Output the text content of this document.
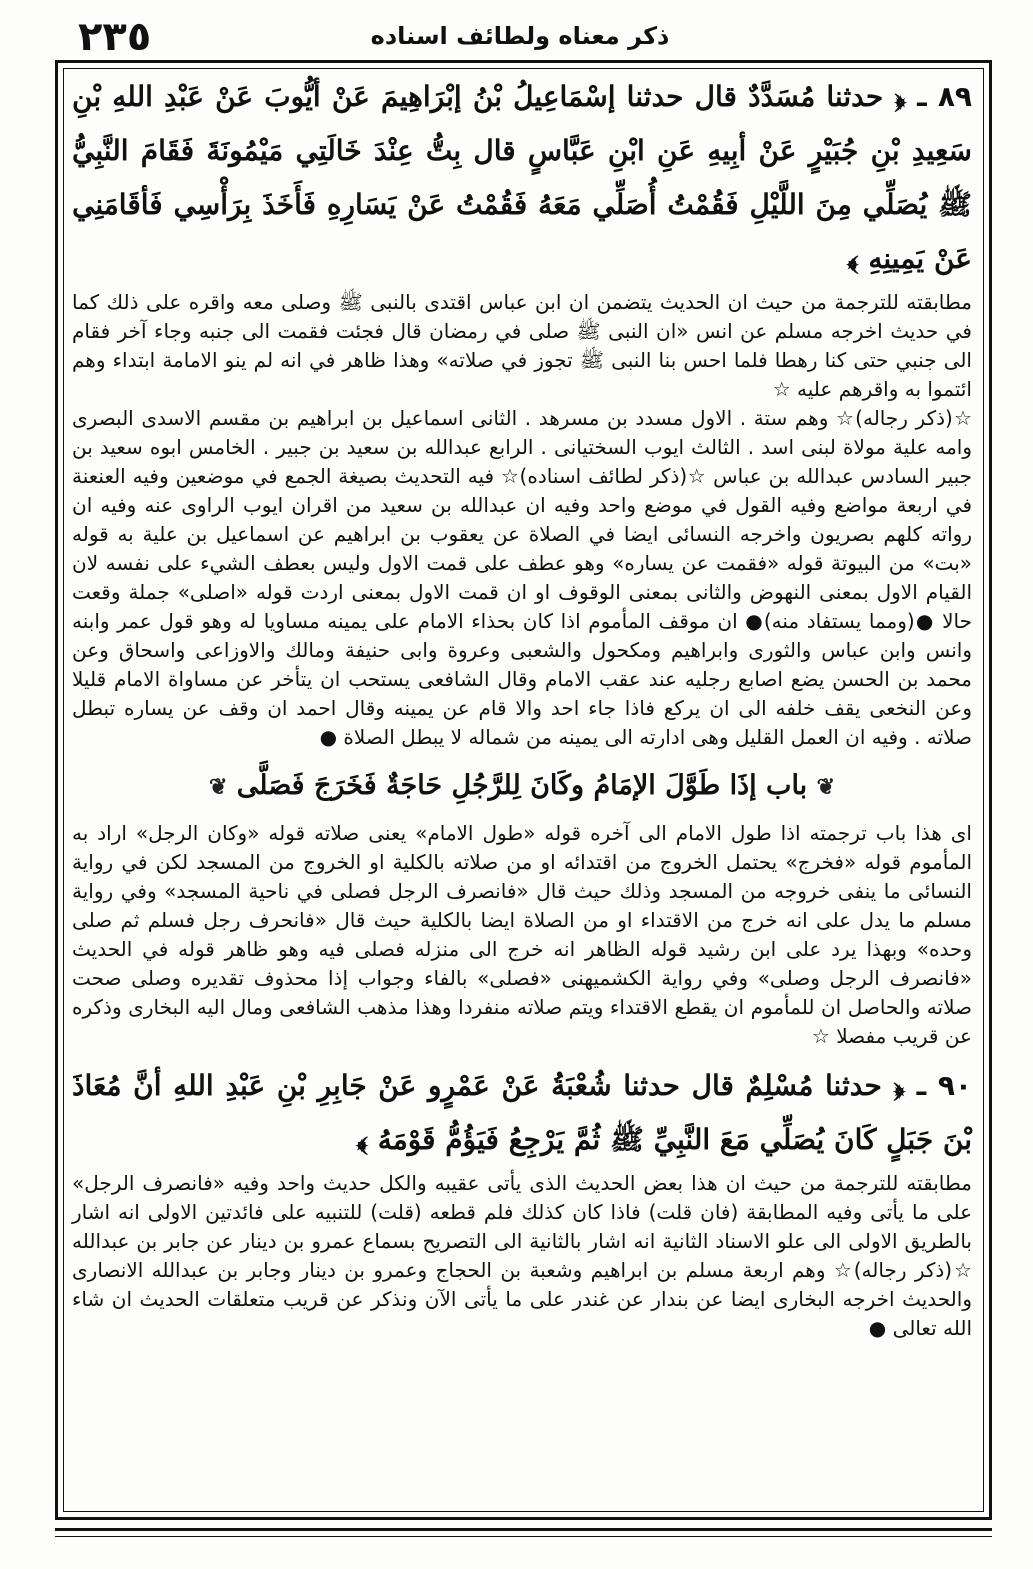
٢٣٥	ذكر معناه ولطائف اسناده

٨٩ ـ ﴿ حدثنا مُسَدَّدٌ قال حدثنا إسْمَاعِيلُ بْنُ إبْرَاهِيمَ عَنْ أيُّوبَ عَنْ عَبْدِ اللهِ بْنِ سَعِيدِ بْنِ جُبَيْرٍ عَنْ أبِيهِ عَنِ ابْنِ عَبَّاسٍ قال بِتُّ عِنْدَ خَالَتِي مَيْمُونَةَ فَقَامَ النَّبِيُّ ﷺ يُصَلِّي مِنَ اللَّيْلِ فَقُمْتُ أُصَلِّي مَعَهُ فَقُمْتُ عَنْ يَسَارِهِ فَأَخَذَ بِرَأْسِي فَأقَامَنِي عَنْ يَمِينِهِ ﴾

مطابقته للترجمة من حيث ان الحديث يتضمن ان ابن عباس اقتدى بالنبى ﷺ وصلى معه واقره على ذلك كما في حديث اخرجه مسلم عن انس «ان النبى ﷺ صلى في رمضان قال فجئت فقمت الى جنبه وجاء آخر فقام الى جنبي حتى كنا رهطا فلما احس بنا النبى ﷺ تجوز في صلاته» وهذا ظاهر في انه لم ينو الامامة ابتداء وهم ائتموا به واقرهم عليه ☆

☆(ذكر رجاله)☆ وهم ستة . الاول مسدد بن مسرهد . الثانى اسماعيل بن ابراهيم بن مقسم الاسدى البصرى وامه علية مولاة لبنى اسد . الثالث ايوب السختيانى . الرابع عبدالله بن سعيد بن جبير . الخامس ابوه سعيد بن جبير السادس عبدالله بن عباس ☆(ذكر لطائف اسناده)☆ فيه التحديث بصيغة الجمع في موضعين وفيه العنعنة في اربعة مواضع وفيه القول في موضع واحد وفيه ان عبدالله بن سعيد من اقران ايوب الراوى عنه وفيه ان رواته كلهم بصريون واخرجه النسائى ايضا في الصلاة عن يعقوب بن ابراهيم عن اسماعيل بن علية به قوله «بت» من البيوتة قوله «فقمت عن يساره» وهو عطف على قمت الاول وليس بعطف الشيء على نفسه لان القيام الاول بمعنى النهوض والثانى بمعنى الوقوف او ان قمت الاول بمعنى اردت قوله «اصلى» جملة وقعت حالا ●(ومما يستفاد منه)● ان موقف المأموم اذا كان بحذاء الامام على يمينه مساويا له وهو قول عمر وابنه وانس وابن عباس والثورى وابراهيم ومكحول والشعبى وعروة وابى حنيفة ومالك والاوزاعى واسحاق وعن محمد بن الحسن يضع اصابع رجليه عند عقب الامام وقال الشافعى يستحب ان يتأخر عن مساواة الامام قليلا وعن النخعى يقف خلفه الى ان يركع فاذا جاء احد والا قام عن يمينه وقال احمد ان وقف عن يساره تبطل صلاته . وفيه ان العمل القليل وهى ادارته الى يمينه من شماله لا يبطل الصلاة ●

❦ باب إذَا طَوَّلَ الإمَامُ وكَانَ لِلرَّجُلِ حَاجَةٌ فَخَرَجَ فَصَلَّى ❦

اى هذا باب ترجمته اذا طول الامام الى آخره قوله «طول الامام» يعنى صلاته قوله «وكان الرجل» اراد به المأموم قوله «فخرج» يحتمل الخروج من اقتدائه او من صلاته بالكلية او الخروج من المسجد لكن في رواية النسائى ما ينفى خروجه من المسجد وذلك حيث قال «فانصرف الرجل فصلى في ناحية المسجد» وفي رواية مسلم ما يدل على انه خرج من الاقتداء او من الصلاة ايضا بالكلية حيث قال «فانحرف رجل فسلم ثم صلى وحده» وبهذا يرد على ابن رشيد قوله الظاهر انه خرج الى منزله فصلى فيه وهو ظاهر قوله في الحديث «فانصرف الرجل وصلى» وفي رواية الكشميهنى «فصلى» بالفاء وجواب إذا محذوف تقديره وصلى صحت صلاته والحاصل ان للمأموم ان يقطع الاقتداء ويتم صلاته منفردا وهذا مذهب الشافعى ومال اليه البخارى وذكره عن قريب مفصلا ☆

٩٠ ـ ﴿ حدثنا مُسْلِمٌ قال حدثنا شُعْبَةُ عَنْ عَمْرٍو عَنْ جَابِرِ بْنِ عَبْدِ اللهِ أنَّ مُعَاذَ بْنَ جَبَلٍ كَانَ يُصَلِّي مَعَ النَّبِيِّ ﷺ ثُمَّ يَرْجِعُ فَيَؤُمُّ قَوْمَهُ ﴾

مطابقته للترجمة من حيث ان هذا بعض الحديث الذى يأتى عقيبه والكل حديث واحد وفيه «فانصرف الرجل» على ما يأتى وفيه المطابقة (فان قلت) فاذا كان كذلك فلم قطعه (قلت) للتنبيه على فائدتين الاولى انه اشار بالطريق الاولى الى علو الاسناد الثانية انه اشار بالثانية الى التصريح بسماع عمرو بن دينار عن جابر بن عبدالله ☆(ذكر رجاله)☆ وهم اربعة مسلم بن ابراهيم وشعبة بن الحجاج وعمرو بن دينار وجابر بن عبدالله الانصارى والحديث اخرجه البخارى ايضا عن بندار عن غندر على ما يأتى الآن ونذكر عن قريب متعلقات الحديث ان شاء الله تعالى ●
